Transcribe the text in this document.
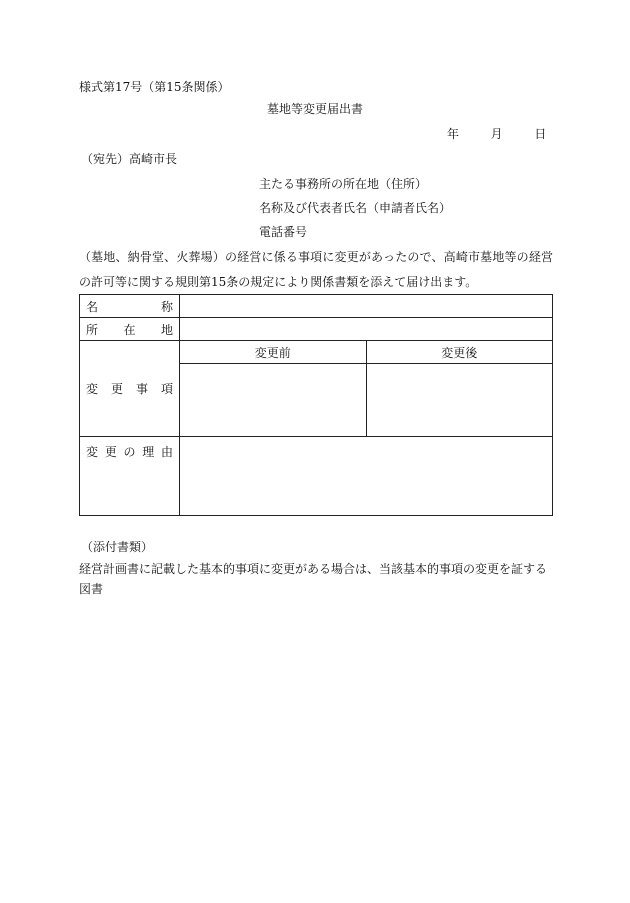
様式第17号（第15条関係）
墓地等変更届出書
年	月	日
（宛先）高崎市長
主たる事務所の所在地（住所）
名称及び代表者氏名（申請者氏名）
電話番号
（墓地、納骨堂、火葬場）の経営に係る事項に変更があったので、高崎市墓地等の経営の許可等に関する規則第15条の規定により関係書類を添えて届け出ます。
名 称		

所 在 地		

変 更 事 項	変更前	変更後

変 更 の 理 由		

（添付書類）
経営計画書に記載した基本的事項に変更がある場合は、当該基本的事項の変更を証する図書
